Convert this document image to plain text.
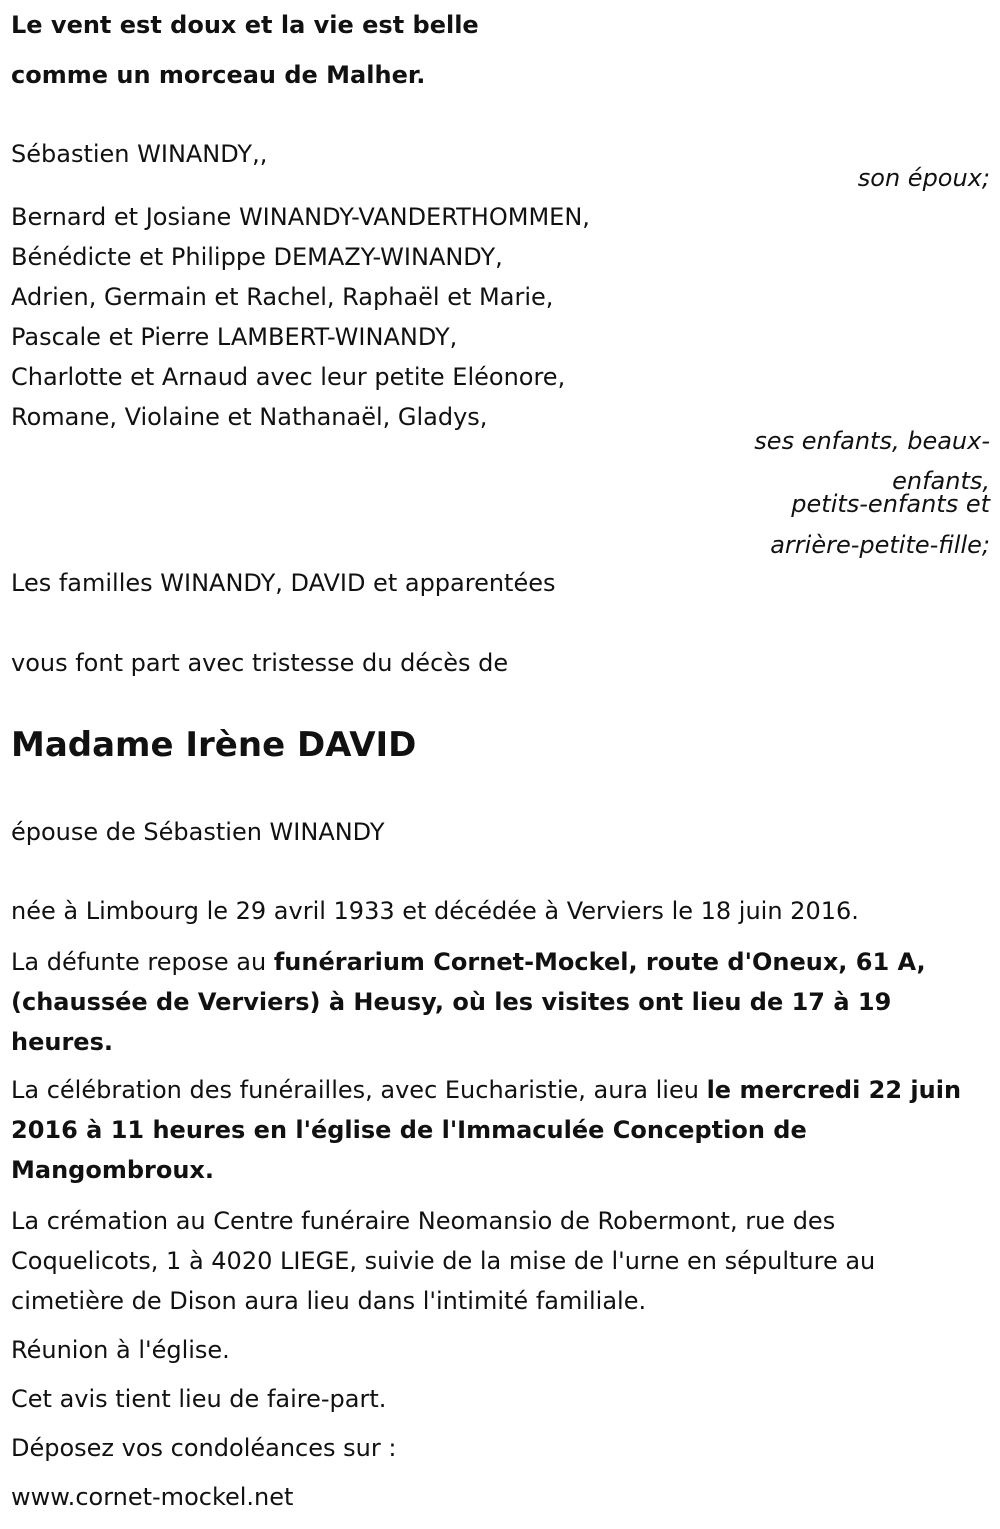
Le vent est doux et la vie est belle
comme un morceau de Malher.
Sébastien WINANDY,,
son époux;
Bernard et Josiane WINANDY-VANDERTHOMMEN,
Bénédicte et Philippe DEMAZY-WINANDY,
Adrien, Germain et Rachel, Raphaël et Marie,
Pascale et Pierre LAMBERT-WINANDY,
Charlotte et Arnaud avec leur petite Eléonore,
Romane, Violaine et Nathanaël, Gladys,
ses enfants, beaux-
enfants,
petits-enfants et
arrière-petite-fille;
Les familles WINANDY, DAVID et apparentées
vous font part avec tristesse du décès de
Madame Irène DAVID
épouse de Sébastien WINANDY
née à Limbourg le 29 avril 1933 et décédée à Verviers le 18 juin 2016.
La défunte repose au funérarium Cornet-Mockel, route d'Oneux, 61 A, (chaussée de Verviers) à Heusy, où les visites ont lieu de 17 à 19 heures.
La célébration des funérailles, avec Eucharistie, aura lieu le mercredi 22 juin 2016 à 11 heures en l'église de l'Immaculée Conception de Mangombroux.
La crémation au Centre funéraire Neomansio de Robermont, rue des Coquelicots, 1 à 4020 LIEGE, suivie de la mise de l'urne en sépulture au cimetière de Dison aura lieu dans l'intimité familiale.
Réunion à l'église.
Cet avis tient lieu de faire-part.
Déposez vos condoléances sur :
www.cornet-mockel.net
